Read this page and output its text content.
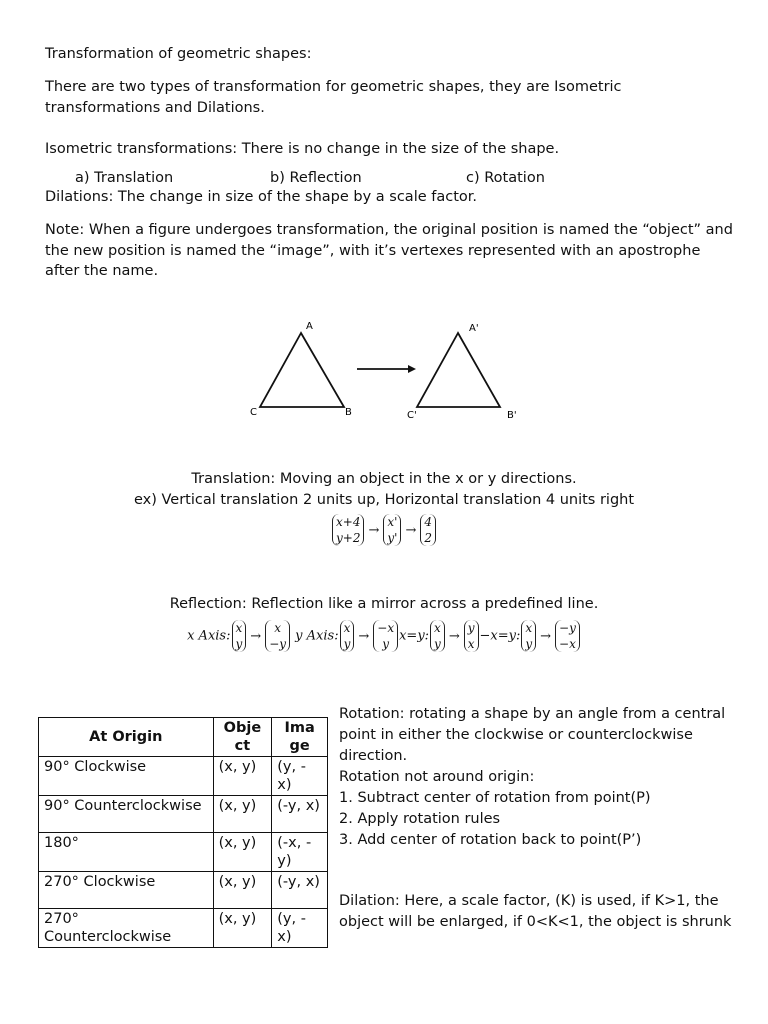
Transformation of geometric shapes:
There are two types of transformation for geometric shapes, they are Isometric transformations and Dilations.
Isometric transformations: There is no change in the size of the shape.
a) Translation	b) Reflection	c) Rotation
Dilations: The change in size of the shape by a scale factor.
Note: When a figure undergoes transformation, the original position is named the “object” and the new position is named the “image”, with it’s vertexes represented with an apostrophe after the name.
A
B
C
A'
B'
C'
Translation: Moving an object in the x or y directions.
ex) Vertical translation 2 units up, Horizontal translation 4 units right
x+4
y+2
→
x'
y'
→
4
2
Reflection: Reflection like a mirror across a predefined line.
x Axis:
x
y
→
x
−y
y Axis:
x
y
→
−x
y
x=y:
x
y
→
y
x
−x=y:
x
y
→
−y
−x
At Origin	Obje ct	Ima ge
90° Clockwise	(x, y)	(y, - x)
90° Counterclockwise	(x, y)	(-y, x)
180°	(x, y)	(-x, - y)
270° Clockwise	(x, y)	(-y, x)
270° Counterclockwise	(x, y)	(y, - x)
Rotation: rotating a shape by an angle from a central point in either the clockwise or counterclockwise direction.
Rotation not around origin:
1. Subtract center of rotation from point(P)
2. Apply rotation rules
3. Add center of rotation back to point(P’)
Dilation: Here, a scale factor, (K) is used, if K>1, the object will be enlarged, if 0<K<1, the object is shrunk
